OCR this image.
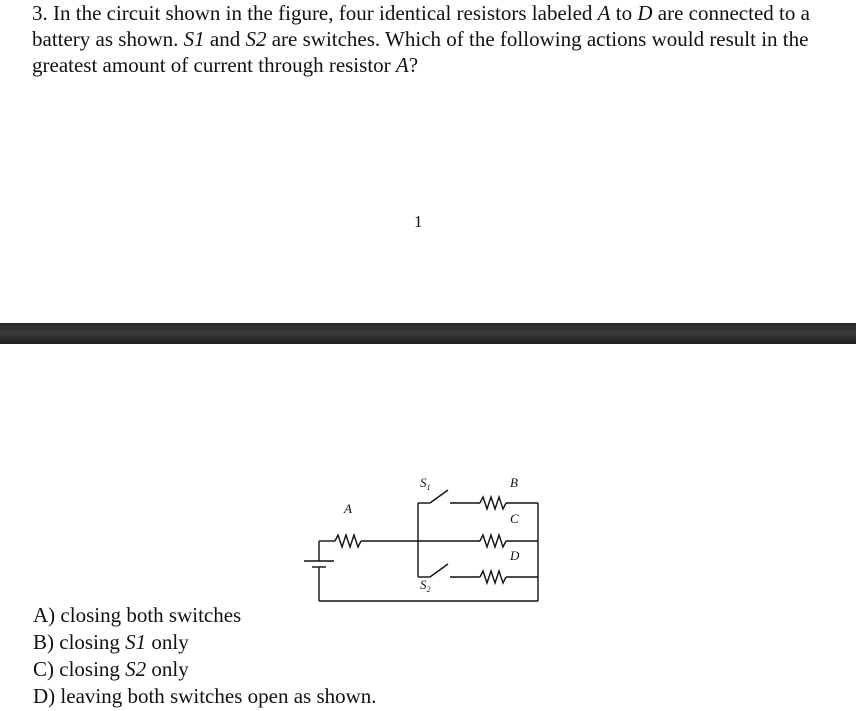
3. In the circuit shown in the figure, four identical resistors labeled A to D are connected to a battery as shown. S1 and S2 are switches. Which of the following actions would result in the greatest amount of current through resistor A?

1
A
B
C
D
$S_1$
$S_2$
A) closing both switches
B) closing S1 only
C) closing S2 only
D) leaving both switches open as shown.
